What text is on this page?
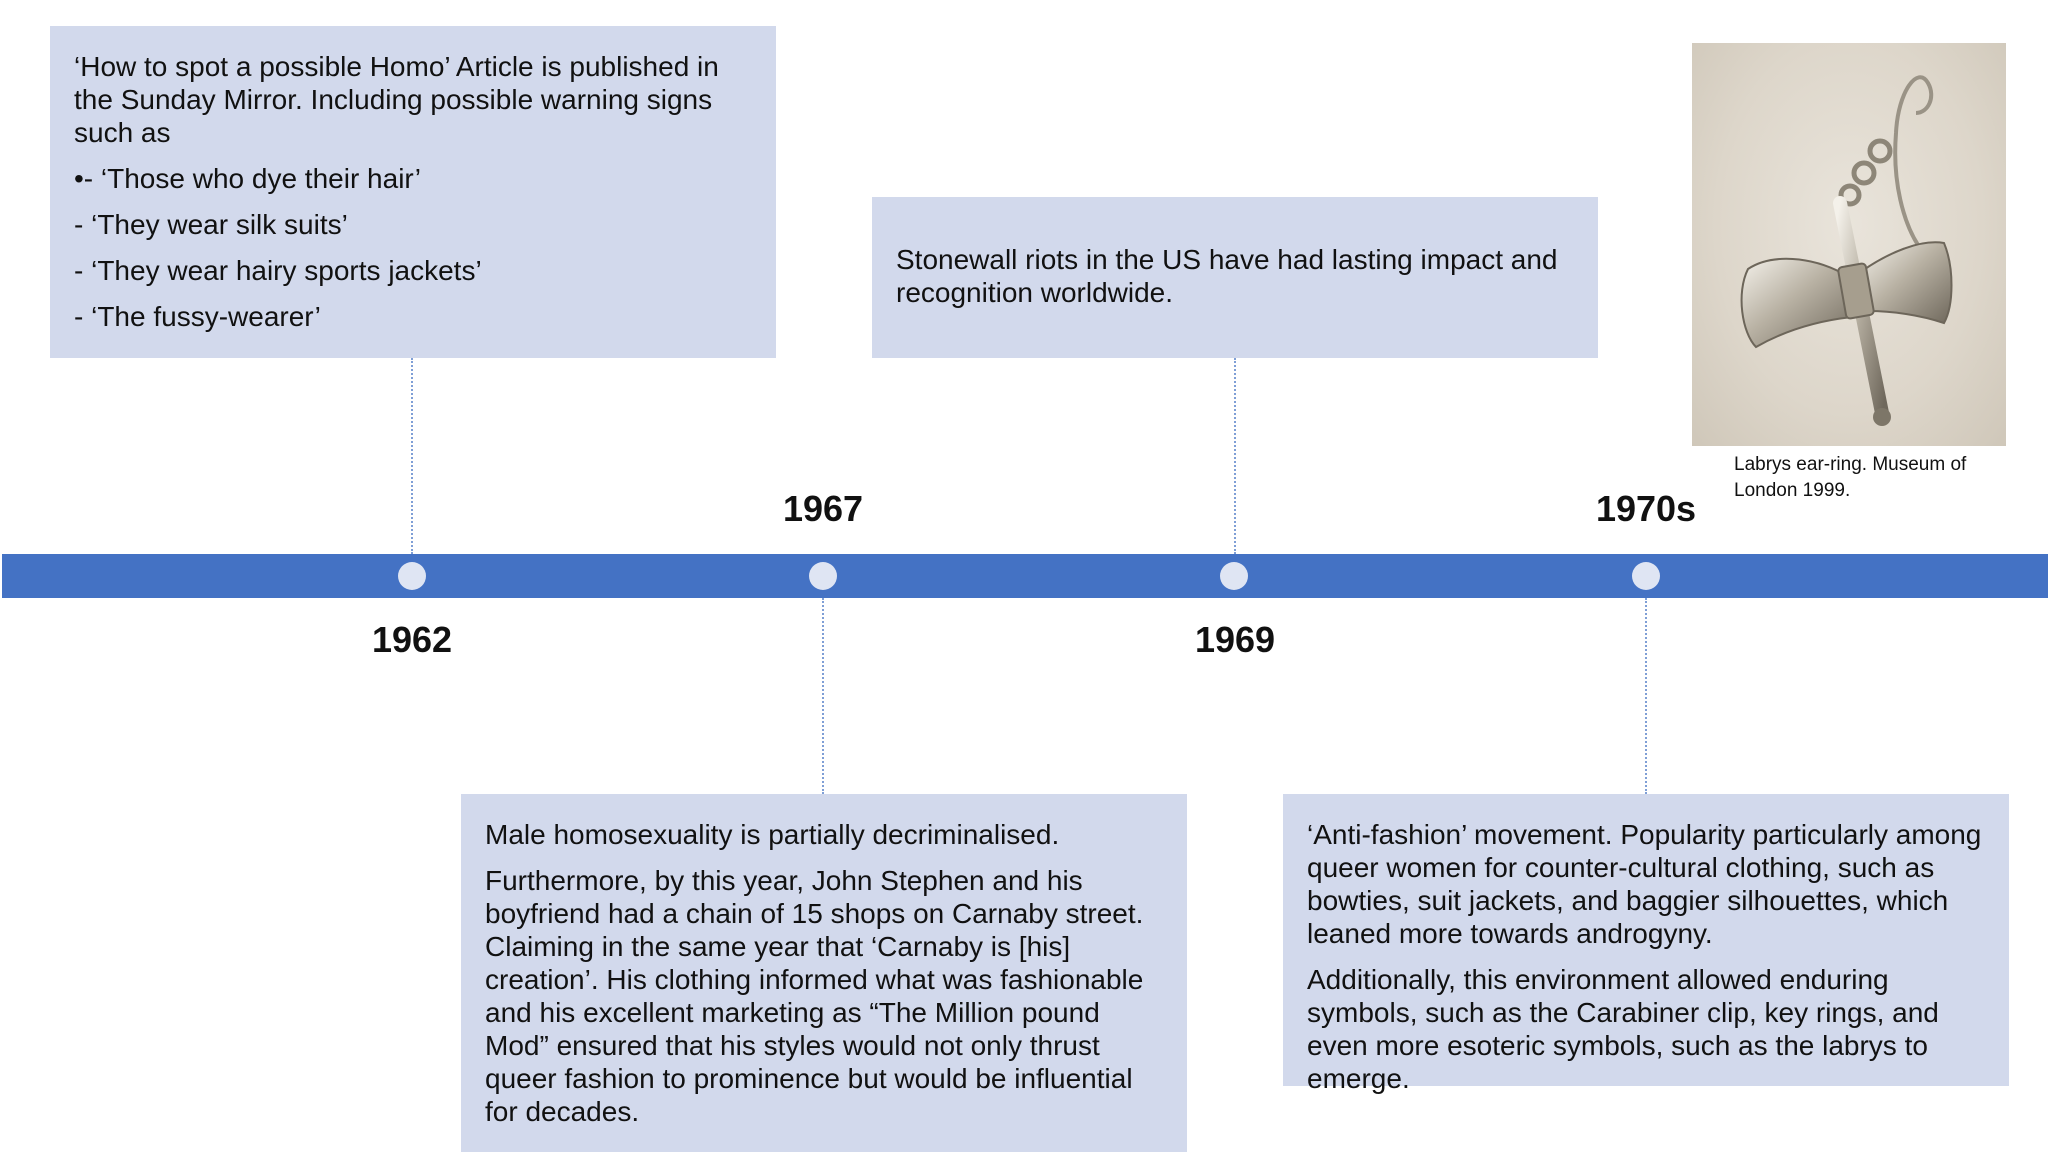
1962
1967
1969
1970s
‘How to spot a possible Homo’ Article is published in the Sunday Mirror. Including possible warning signs such as
•- ‘Those who dye their hair’
- ‘They wear silk suits’
- ‘They wear hairy sports jackets’
- ‘The fussy-wearer’

Stonewall riots in the US have had lasting impact and recognition worldwide.

Male homosexuality is partially decriminalised.

Furthermore, by this year, John Stephen and his boyfriend had a chain of 15 shops on Carnaby street. Claiming in the same year that ‘Carnaby is [his] creation’. His clothing informed what was fashionable and his excellent marketing as “The Million pound Mod” ensured that his styles would not only thrust queer fashion to prominence but would be influential for decades.

‘Anti-fashion’ movement. Popularity particularly among queer women for counter-cultural clothing, such as bowties, suit jackets, and baggier silhouettes, which leaned more towards androgyny.

Additionally, this environment allowed enduring symbols, such as the Carabiner clip, key rings, and even more esoteric symbols, such as the labrys to emerge.

Labrys ear-ring. Museum of London 1999.
